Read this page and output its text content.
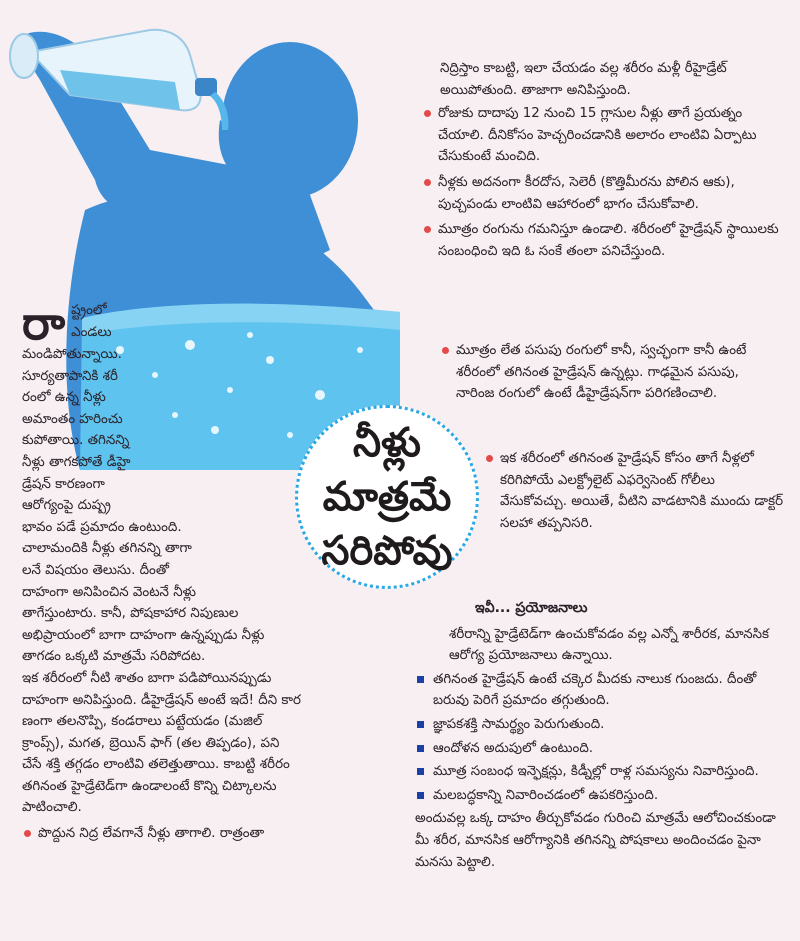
రా ష్ట్రంలో
ఎండలు
మండిపోతున్నాయి.
సూర్యతాపానికి శరీ
రంలో ఉన్న నీళ్లు
అమాంతం హరించు
కుపోతాయి. తగినన్ని
నీళ్లు తాగకపోతే డీహై
డ్రేషన్ కారణంగా
ఆరోగ్యంపై దుష్ప్ర
భావం పడే ప్రమాదం ఉంటుంది.
చాలామందికి నీళ్లు తగినన్ని తాగా
లనే విషయం తెలుసు. దీంతో
దాహంగా అనిపించిన వెంటనే నీళ్లు
తాగేస్తుంటారు. కానీ, పోషకాహార నిపుణుల
అభిప్రాయంలో బాగా దాహంగా ఉన్నప్పుడు నీళ్లు
తాగడం ఒక్కటి మాత్రమే సరిపోదట.
ఇక శరీరంలో నీటి శాతం బాగా పడిపోయినప్పుడు
దాహంగా అనిపిస్తుంది. డీహైడ్రేషన్ అంటే ఇదే! దీని కార
ణంగా తలనొప్పి, కండరాలు పట్టేయడం (మజిల్
క్రాంప్స్), మగత, బ్రెయిన్ ఫాగ్ (తల తిప్పడం), పని
చేసే శక్తి తగ్గడం లాంటివి తలెత్తుతాయి. కాబట్టి శరీరం
తగినంత హైడ్రేటెడ్‌గా ఉండాలంటే కొన్ని చిట్కాలను
పాటించాలి.
పొద్దున నిద్ర లేవగానే నీళ్లు తాగాలి. రాత్రంతా
నీళ్లు
మాత్రమే
సరిపోవు

నిద్రిస్తాం కాబట్టి, ఇలా చేయడం వల్ల శరీరం మళ్లీ రీహైడ్రేట్ అయిపోతుంది. తాజాగా అనిపిస్తుంది.

రోజుకు దాదాపు 12 నుంచి 15 గ్లాసుల నీళ్లు తాగే ప్రయత్నం చేయాలి. దీనికోసం హెచ్చరించడానికి అలారం లాంటివి ఏర్పాటు చేసుకుంటే మంచిది.

నీళ్లకు అదనంగా కీరదోస, సెలెరీ (కొత్తిమీరను పోలిన ఆకు), పుచ్చపండు లాంటివి ఆహారంలో భాగం చేసుకోవాలి.

మూత్రం రంగును గమనిస్తూ ఉండాలి. శరీరంలో హైడ్రేషన్ స్థాయిలకు సంబంధించి ఇది ఓ సంకే తంలా పనిచేస్తుంది.

మూత్రం లేత పసుపు రంగులో కానీ, స్వచ్ఛంగా కానీ ఉంటే శరీరంలో తగినంత హైడ్రేషన్ ఉన్నట్లు. గాఢమైన పసుపు, నారింజ రంగులో ఉంటే డీహైడ్రేషన్‌గా పరిగణించాలి.

ఇక శరీరంలో తగినంత హైడ్రేషన్ కోసం తాగే నీళ్లలో కరిగిపోయే ఎలక్ట్రోలైట్ ఎఫర్వెసెంట్ గోలీలు వేసుకోవచ్చు. అయితే, వీటిని వాడటానికి ముందు డాక్టర్ సలహా తప్పనిసరి.

ఇవీ... ప్రయోజనాలు

శరీరాన్ని హైడ్రేటెడ్‌గా ఉంచుకోవడం వల్ల ఎన్నో శారీరక, మానసిక ఆరోగ్య ప్రయోజనాలు ఉన్నాయి.

తగినంత హైడ్రేషన్ ఉంటే చక్కెర మీదకు నాలుక గుంజదు. దీంతో బరువు పెరిగే ప్రమాదం తగ్గుతుంది.

జ్ఞాపకశక్తి సామర్థ్యం పెరుగుతుంది.

ఆందోళన అదుపులో ఉంటుంది.

మూత్ర సంబంధ ఇన్ఫెక్షన్లు, కిడ్నీల్లో రాళ్ల సమస్యను నివారిస్తుంది.

మలబద్ధకాన్ని నివారించడంలో ఉపకరిస్తుంది.

అందువల్ల ఒక్క దాహం తీర్చుకోవడం గురించి మాత్రమే ఆలోచించకుండా మీ శరీర, మానసిక ఆరోగ్యానికి తగినన్ని పోషకాలు అందించడం పైనా మనసు పెట్టాలి.
